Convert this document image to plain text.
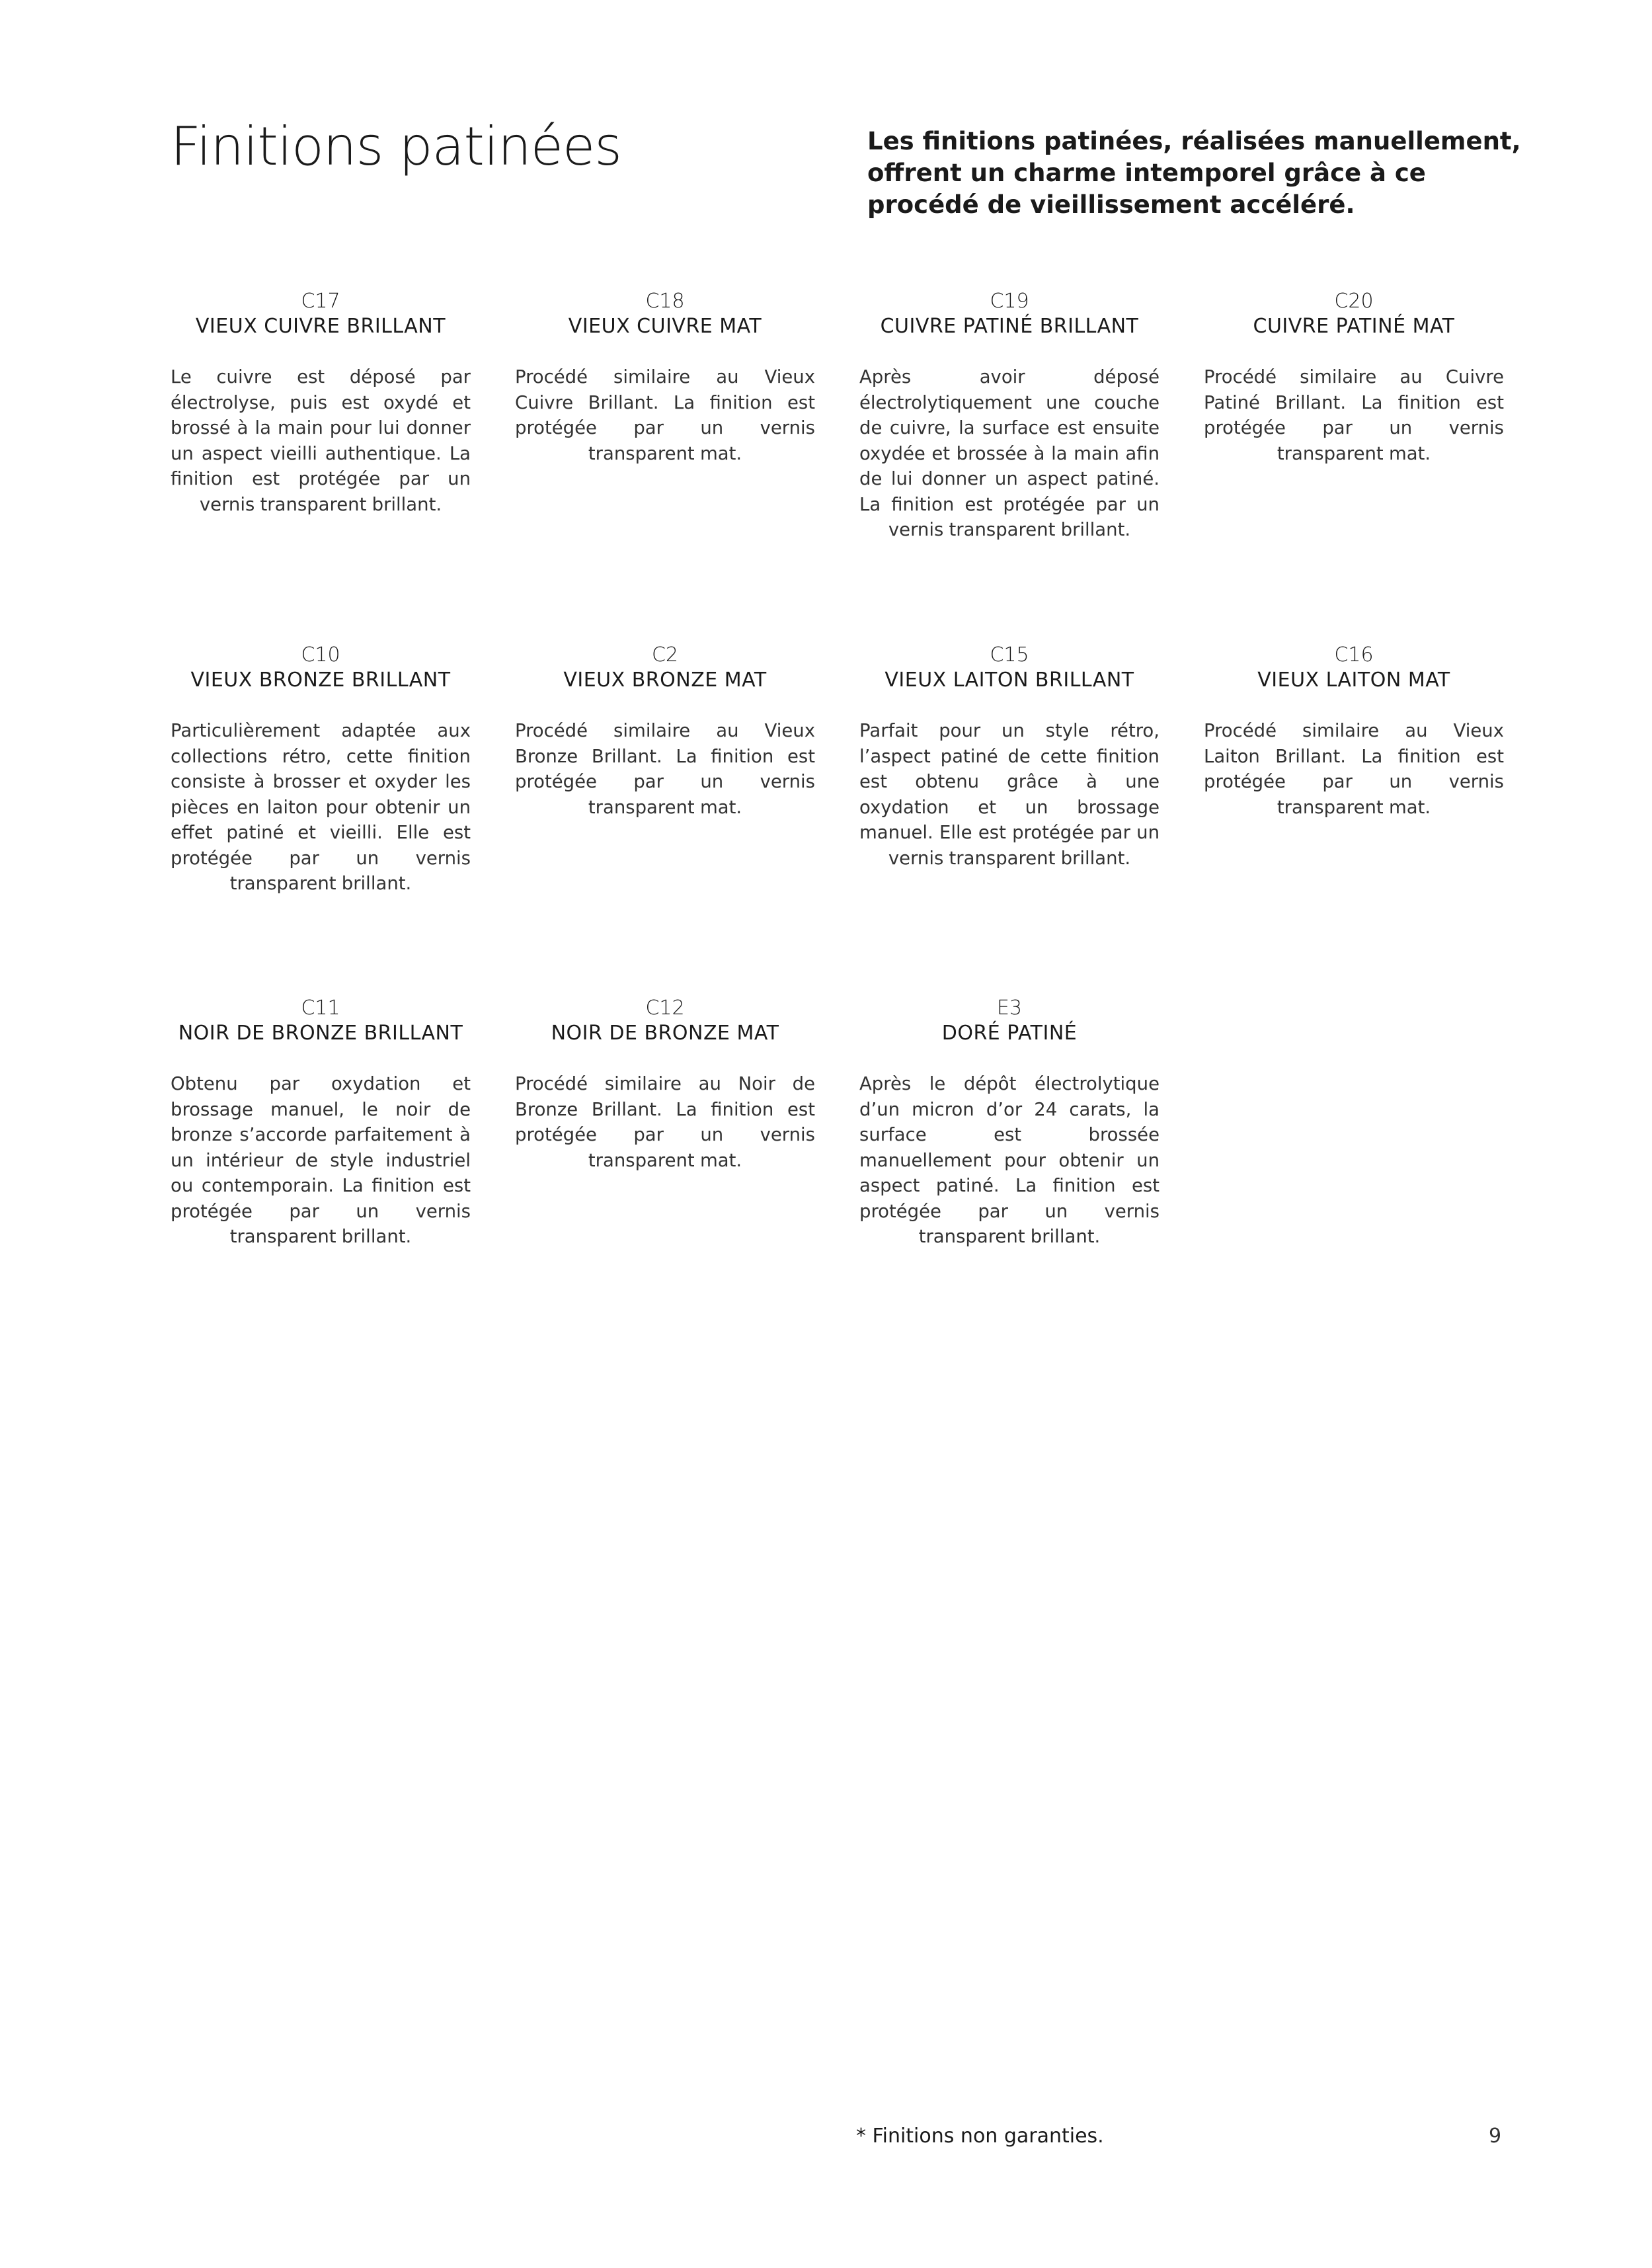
Finitions patinées	Les finitions patinées, réalisées manuellement, offrent un charme intemporel grâce à ce procédé de vieillissement accéléré.

C17
VIEUX CUIVRE BRILLANT
Le cuivre est déposé par électrolyse, puis est oxydé et brossé à la main pour lui donner un aspect vieilli authentique. La finition est protégée par un vernis transparent brillant.
C18
VIEUX CUIVRE MAT
Procédé similaire au Vieux Cuivre Brillant. La finition est protégée par un vernis transparent mat.
C19
CUIVRE PATINÉ BRILLANT
Après avoir déposé électrolytiquement une couche de cuivre, la surface est ensuite oxydée et brossée à la main afin de lui donner un aspect patiné. La finition est protégée par un vernis transparent brillant.
C20
CUIVRE PATINÉ MAT
Procédé similaire au Cuivre Patiné Brillant. La finition est protégée par un vernis transparent mat.
C10
VIEUX BRONZE BRILLANT
Particulièrement adaptée aux collections rétro, cette finition consiste à brosser et oxyder les pièces en laiton pour obtenir un effet patiné et vieilli. Elle est protégée par un vernis transparent brillant.
C2
VIEUX BRONZE MAT
Procédé similaire au Vieux Bronze Brillant. La finition est protégée par un vernis transparent mat.
C15
VIEUX LAITON BRILLANT
Parfait pour un style rétro, l’aspect patiné de cette finition est obtenu grâce à une oxydation et un brossage manuel. Elle est protégée par un vernis transparent brillant.
C16
VIEUX LAITON MAT
Procédé similaire au Vieux Laiton Brillant. La finition est protégée par un vernis transparent mat.
C11
NOIR DE BRONZE BRILLANT
Obtenu par oxydation et brossage manuel, le noir de bronze s’accorde parfaitement à un intérieur de style industriel ou contemporain. La finition est protégée par un vernis transparent brillant.
C12
NOIR DE BRONZE MAT
Procédé similaire au Noir de Bronze Brillant. La finition est protégée par un vernis transparent mat.
E3
DORÉ PATINÉ
Après le dépôt électrolytique d’un micron d’or 24 carats, la surface est brossée manuellement pour obtenir un aspect patiné. La finition est protégée par un vernis transparent brillant.
* Finitions non garanties.	9
